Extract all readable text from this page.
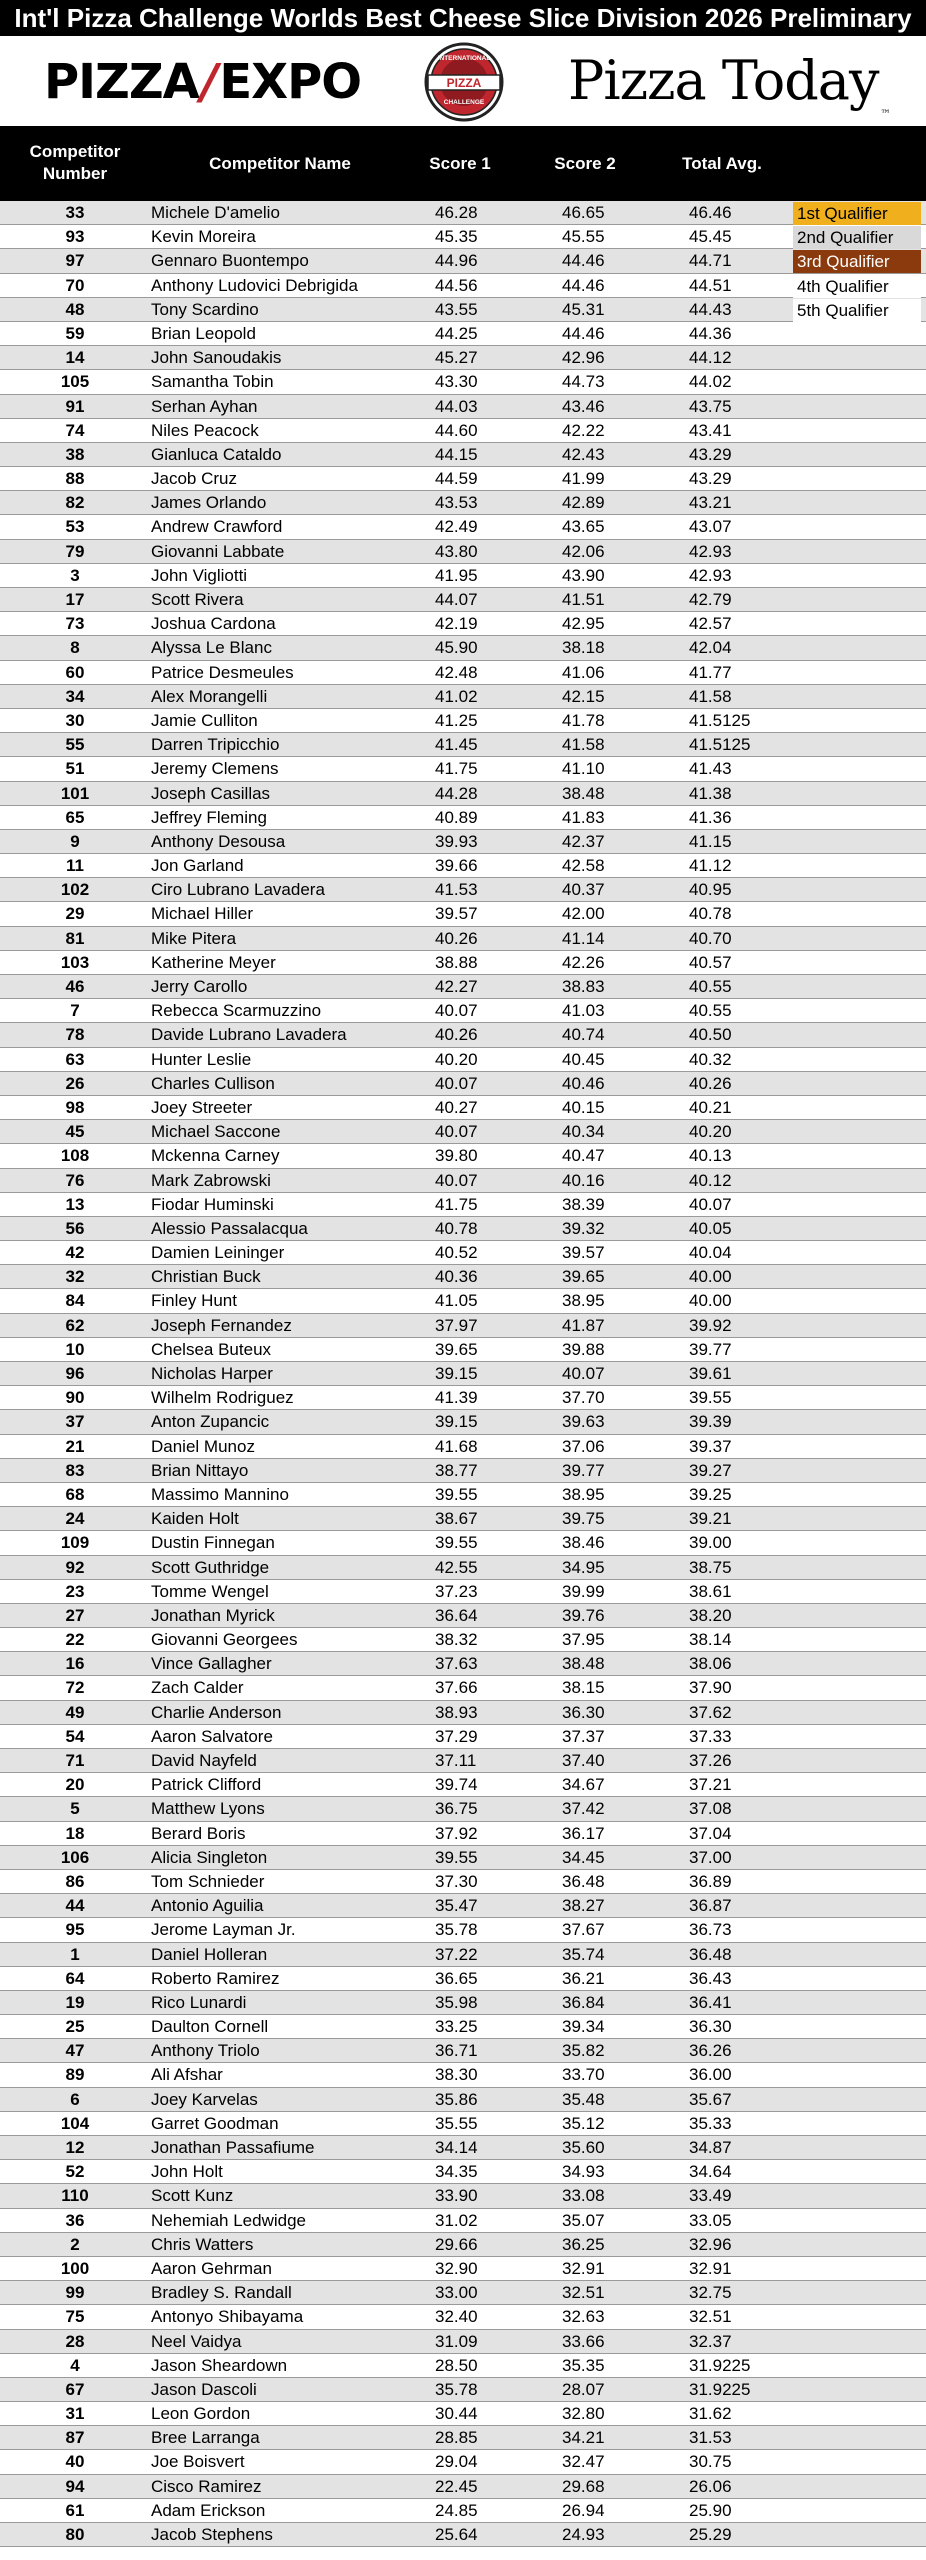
Int'l Pizza Challenge Worlds Best Cheese Slice Division 2026 Preliminary
PIZZA/EXPO	INTERNATIONAL
PIZZA
CHALLENGE Pizza Today™
Competitor Number
Competitor Name	Score 1	Score 2	Total Avg.
33	Michele D'amelio	46.28	46.65	46.46
93	Kevin Moreira	45.35	45.55	45.45
97	Gennaro Buontempo	44.96	44.46	44.71
70	Anthony Ludovici Debrigida	44.56	44.46	44.51
48	Tony Scardino	43.55	45.31	44.43
59	Brian Leopold	44.25	44.46	44.36
14	John Sanoudakis	45.27	42.96	44.12
105	Samantha Tobin	43.30	44.73	44.02
91	Serhan Ayhan	44.03	43.46	43.75
74	Niles Peacock	44.60	42.22	43.41
38	Gianluca Cataldo	44.15	42.43	43.29
88	Jacob Cruz	44.59	41.99	43.29
82	James Orlando	43.53	42.89	43.21
53	Andrew Crawford	42.49	43.65	43.07
79	Giovanni Labbate	43.80	42.06	42.93
3	John Vigliotti	41.95	43.90	42.93
17	Scott Rivera	44.07	41.51	42.79
73	Joshua Cardona	42.19	42.95	42.57
8	Alyssa Le Blanc	45.90	38.18	42.04
60	Patrice Desmeules	42.48	41.06	41.77
34	Alex Morangelli	41.02	42.15	41.58
30	Jamie Culliton	41.25	41.78	41.5125
55	Darren Tripicchio	41.45	41.58	41.5125
51	Jeremy Clemens	41.75	41.10	41.43
101	Joseph Casillas	44.28	38.48	41.38
65	Jeffrey Fleming	40.89	41.83	41.36
9	Anthony Desousa	39.93	42.37	41.15
11	Jon Garland	39.66	42.58	41.12
102	Ciro Lubrano Lavadera	41.53	40.37	40.95
29	Michael Hiller	39.57	42.00	40.78
81	Mike Pitera	40.26	41.14	40.70
103	Katherine Meyer	38.88	42.26	40.57
46	Jerry Carollo	42.27	38.83	40.55
7	Rebecca Scarmuzzino	40.07	41.03	40.55
78	Davide Lubrano Lavadera	40.26	40.74	40.50
63	Hunter Leslie	40.20	40.45	40.32
26	Charles Cullison	40.07	40.46	40.26
98	Joey Streeter	40.27	40.15	40.21
45	Michael Saccone	40.07	40.34	40.20
108	Mckenna Carney	39.80	40.47	40.13
76	Mark Zabrowski	40.07	40.16	40.12
13	Fiodar Huminski	41.75	38.39	40.07
56	Alessio Passalacqua	40.78	39.32	40.05
42	Damien Leininger	40.52	39.57	40.04
32	Christian Buck	40.36	39.65	40.00
84	Finley Hunt	41.05	38.95	40.00
62	Joseph Fernandez	37.97	41.87	39.92
10	Chelsea Buteux	39.65	39.88	39.77
96	Nicholas Harper	39.15	40.07	39.61
90	Wilhelm Rodriguez	41.39	37.70	39.55
37	Anton Zupancic	39.15	39.63	39.39
21	Daniel Munoz	41.68	37.06	39.37
83	Brian Nittayo	38.77	39.77	39.27
68	Massimo Mannino	39.55	38.95	39.25
24	Kaiden Holt	38.67	39.75	39.21
109	Dustin Finnegan	39.55	38.46	39.00
92	Scott Guthridge	42.55	34.95	38.75
23	Tomme Wengel	37.23	39.99	38.61
27	Jonathan Myrick	36.64	39.76	38.20
22	Giovanni Georgees	38.32	37.95	38.14
16	Vince Gallagher	37.63	38.48	38.06
72	Zach Calder	37.66	38.15	37.90
49	Charlie Anderson	38.93	36.30	37.62
54	Aaron Salvatore	37.29	37.37	37.33
71	David Nayfeld	37.11	37.40	37.26
20	Patrick Clifford	39.74	34.67	37.21
5	Matthew Lyons	36.75	37.42	37.08
18	Berard Boris	37.92	36.17	37.04
106	Alicia Singleton	39.55	34.45	37.00
86	Tom Schnieder	37.30	36.48	36.89
44	Antonio Aguilia	35.47	38.27	36.87
95	Jerome Layman Jr.	35.78	37.67	36.73
1	Daniel Holleran	37.22	35.74	36.48
64	Roberto Ramirez	36.65	36.21	36.43
19	Rico Lunardi	35.98	36.84	36.41
25	Daulton Cornell	33.25	39.34	36.30
47	Anthony Triolo	36.71	35.82	36.26
89	Ali Afshar	38.30	33.70	36.00
6	Joey Karvelas	35.86	35.48	35.67
104	Garret Goodman	35.55	35.12	35.33
12	Jonathan Passafiume	34.14	35.60	34.87
52	John Holt	34.35	34.93	34.64
110	Scott Kunz	33.90	33.08	33.49
36	Nehemiah Ledwidge	31.02	35.07	33.05
2	Chris Watters	29.66	36.25	32.96
100	Aaron Gehrman	32.90	32.91	32.91
99	Bradley S. Randall	33.00	32.51	32.75
75	Antonyo Shibayama	32.40	32.63	32.51
28	Neel Vaidya	31.09	33.66	32.37
4	Jason Sheardown	28.50	35.35	31.9225
67	Jason Dascoli	35.78	28.07	31.9225
31	Leon Gordon	30.44	32.80	31.62
87	Bree Larranga	28.85	34.21	31.53
40	Joe Boisvert	29.04	32.47	30.75
94	Cisco Ramirez	22.45	29.68	26.06
61	Adam Erickson	24.85	26.94	25.90
80	Jacob Stephens	25.64	24.93	25.29
1st Qualifier
2nd Qualifier
3rd Qualifier
4th Qualifier
5th Qualifier
